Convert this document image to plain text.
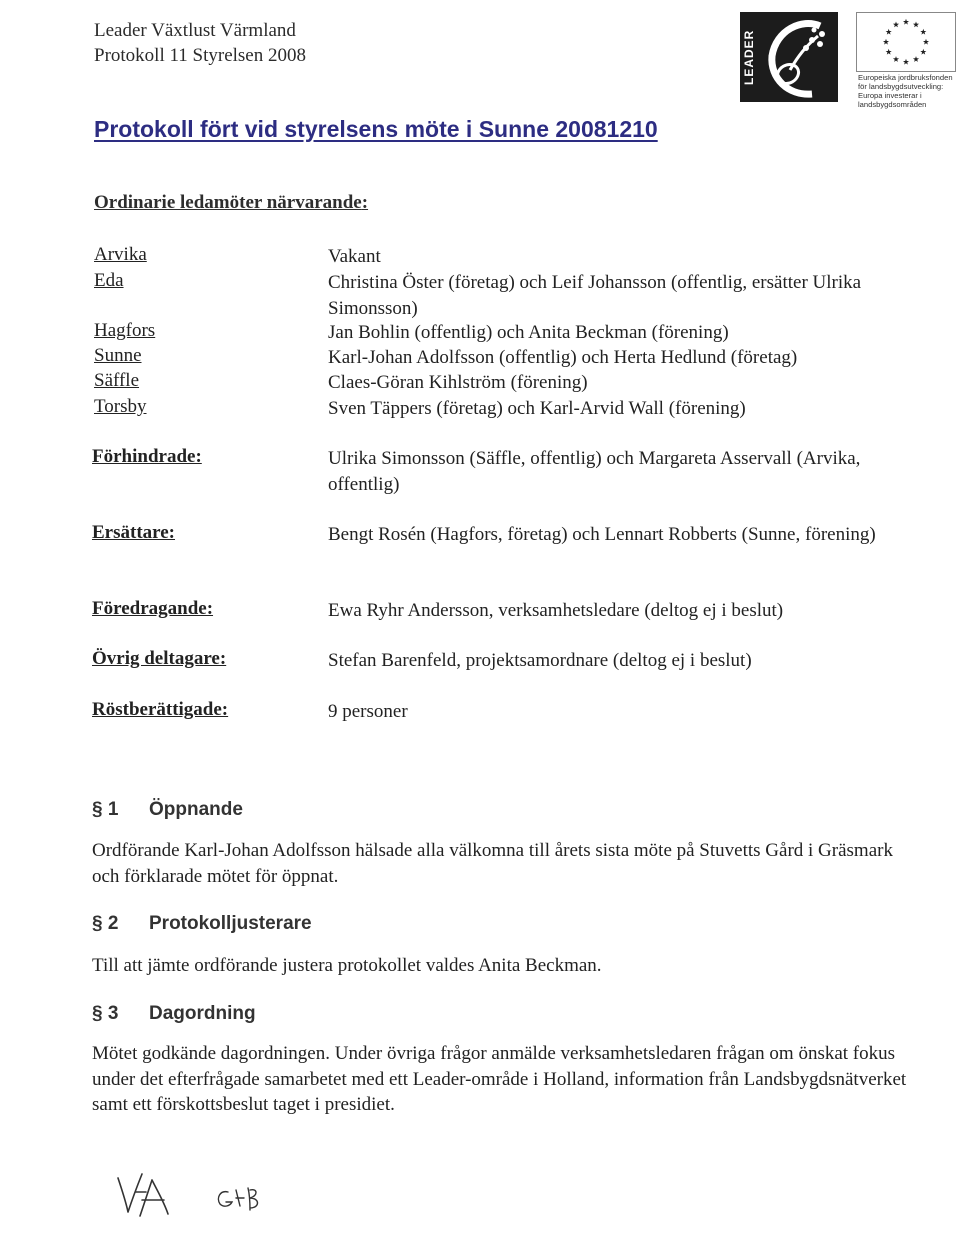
Leader Växtlust Värmland
Protokoll 11 Styrelsen 2008	LEADER	Europeiska jordbruksfonden för landsbygdsutveckling: Europa investerar i landsbygdsområden
Protokoll fört vid styrelsens möte i Sunne 20081210
Ordinarie ledamöter närvarande:
Arvika	Vakant
Eda	Christina Öster (företag) och Leif Johansson (offentlig, ersätter Ulrika Simonsson)
Hagfors	Jan Bohlin (offentlig) och Anita Beckman (förening)
Sunne	Karl-Johan Adolfsson (offentlig) och Herta Hedlund (företag)
Säffle	Claes-Göran Kihlström (förening)
Torsby	Sven Täppers (företag) och Karl-Arvid Wall (förening)
Förhindrade:	Ulrika Simonsson (Säffle, offentlig) och Margareta Asservall (Arvika, offentlig)
Ersättare:	Bengt Rosén (Hagfors, företag) och Lennart Robberts (Sunne, förening)
Föredragande:	Ewa Ryhr Andersson, verksamhetsledare (deltog ej i beslut)
Övrig deltagare:	Stefan Barenfeld, projektsamordnare (deltog ej i beslut)
Röstberättigade:	9 personer
§ 1 Öppnande
Ordförande Karl-Johan Adolfsson hälsade alla välkomna till årets sista möte på Stuvetts Gård i Gräsmark och förklarade mötet för öppnat.
§ 2 Protokolljusterare
Till att jämte ordförande justera protokollet valdes Anita Beckman.
§ 3 Dagordning
Mötet godkände dagordningen. Under övriga frågor anmälde verksamhetsledaren frågan om önskat fokus under det efterfrågade samarbetet med ett Leader-område i Holland, information från Landsbygdsnätverket samt ett förskottsbeslut taget i presidiet.
